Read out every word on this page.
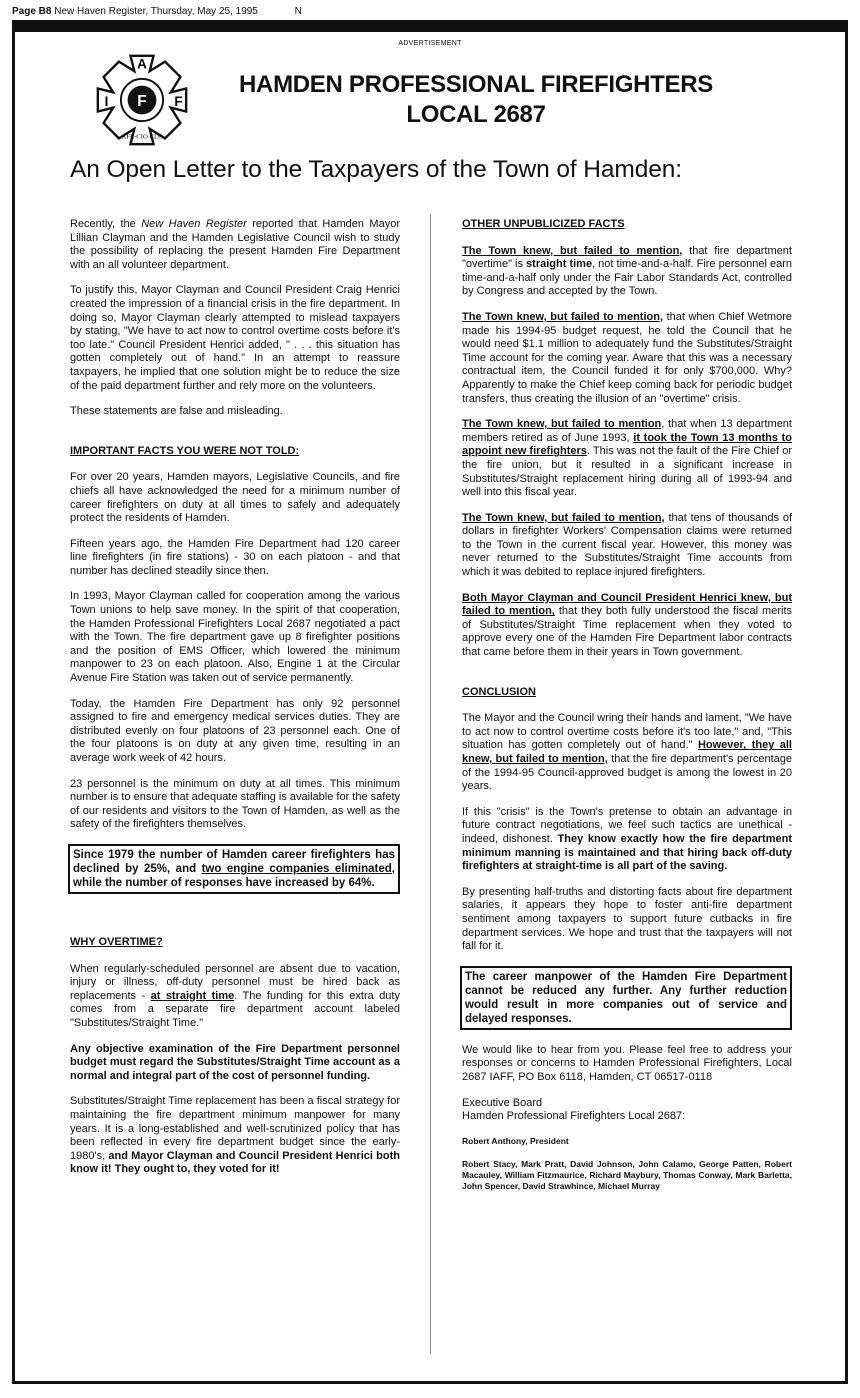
Page B8 New Haven Register, Thursday, May 25, 1995	N
ADVERTISEMENT
A
I	F
F
AFL-CIO CLC
HAMDEN PROFESSIONAL FIREFIGHTERS
LOCAL 2687
An Open Letter to the Taxpayers of the Town of Hamden:

Recently, the New Haven Register reported that Hamden Mayor Lillian Clayman and the Hamden Legislative Council wish to study the possibility of replacing the present Hamden Fire Department with an all volunteer department.

To justify this, Mayor Clayman and Council President Craig Henrici created the impression of a financial crisis in the fire department. In doing so, Mayor Clayman clearly attempted to mislead taxpayers by stating, "We have to act now to control overtime costs before it's too late." Council President Henrici added, " . . . this situation has gotten completely out of hand." In an attempt to reassure taxpayers, he implied that one solution might be to reduce the size of the paid department further and rely more on the volunteers.

These statements are false and misleading.

IMPORTANT FACTS YOU WERE NOT TOLD:

For over 20 years, Hamden mayors, Legislative Councils, and fire chiefs all have acknowledged the need for a minimum number of career firefighters on duty at all times to safely and adequately protect the residents of Hamden.

Fifteen years ago, the Hamden Fire Department had 120 career line firefighters (in fire stations) - 30 on each platoon - and that number has declined steadily since then.

In 1993, Mayor Clayman called for cooperation among the various Town unions to help save money. In the spirit of that cooperation, the Hamden Professional Firefighters Local 2687 negotiated a pact with the Town. The fire department gave up 8 firefighter positions and the position of EMS Officer, which lowered the minimum manpower to 23 on each platoon. Also, Engine 1 at the Circular Avenue Fire Station was taken out of service permanently.

Today, the Hamden Fire Department has only 92 personnel assigned to fire and emergency medical services duties. They are distributed evenly on four platoons of 23 personnel each. One of the four platoons is on duty at any given time, resulting in an average work week of 42 hours.

23 personnel is the minimum on duty at all times. This minimum number is to ensure that adequate staffing is available for the safety of our residents and visitors to the Town of Hamden, as well as the safety of the firefighters themselves.

Since 1979 the number of Hamden career firefighters has declined by 25%, and two engine companies eliminated, while the number of responses have increased by 64%.

WHY OVERTIME?

When regularly-scheduled personnel are absent due to vacation, injury or illness, off-duty personnel must be hired back as replacements - at straight time. The funding for this extra duty comes from a separate fire department account labeled "Substitutes/Straight Time."

Any objective examination of the Fire Department personnel budget must regard the Substitutes/Straight Time account as a normal and integral part of the cost of personnel funding.

Substitutes/Straight Time replacement has been a fiscal strategy for maintaining the fire department minimum manpower for many years. It is a long-established and well-scrutinized policy that has been reflected in every fire department budget since the early-1980's, and Mayor Clayman and Council President Henrici both know it! They ought to, they voted for it!

OTHER UNPUBLICIZED FACTS

The Town knew, but failed to mention, that fire department "overtime" is straight time, not time-and-a-half. Fire personnel earn time-and-a-half only under the Fair Labor Standards Act, controlled by Congress and accepted by the Town.

The Town knew, but failed to mention, that when Chief Wetmore made his 1994-95 budget request, he told the Council that he would need $1.1 million to adequately fund the Substitutes/Straight Time account for the coming year. Aware that this was a necessary contractual item, the Council funded it for only $700,000. Why? Apparently to make the Chief keep coming back for periodic budget transfers, thus creating the illusion of an "overtime" crisis.

The Town knew, but failed to mention, that when 13 department members retired as of June 1993, it took the Town 13 months to appoint new firefighters. This was not the fault of the Fire Chief or the fire union, but it resulted in a significant increase in Substitutes/Straight replacement hiring during all of 1993-94 and well into this fiscal year.

The Town knew, but failed to mention, that tens of thousands of dollars in firefighter Workers' Compensation claims were returned to the Town in the current fiscal year. However, this money was never returned to the Substitutes/Straight Time accounts from which it was debited to replace injured firefighters.

Both Mayor Clayman and Council President Henrici knew, but failed to mention, that they both fully understood the fiscal merits of Substitutes/Straight Time replacement when they voted to approve every one of the Hamden Fire Department labor contracts that came before them in their years in Town government.

CONCLUSION

The Mayor and the Council wring their hands and lament, "We have to act now to control overtime costs before it's too late," and, "This situation has gotten completely out of hand." However, they all knew, but failed to mention, that the fire department's percentage of the 1994-95 Council-approved budget is among the lowest in 20 years.

If this "crisis" is the Town's pretense to obtain an advantage in future contract negotiations, we feel such tactics are unethical - indeed, dishonest. They know exactly how the fire department minimum manning is maintained and that hiring back off-duty firefighters at straight-time is all part of the saving.

By presenting half-truths and distorting facts about fire department salaries, it appears they hope to foster anti-fire department sentiment among taxpayers to support future cutbacks in fire department services. We hope and trust that the taxpayers will not fall for it.

The career manpower of the Hamden Fire Department cannot be reduced any further. Any further reduction would result in more companies out of service and delayed responses.

We would like to hear from you. Please feel free to address your responses or concerns to Hamden Professional Firefighters, Local 2687 IAFF, PO Box 6118, Hamden, CT 06517-0118

Executive Board

Hamden Professional Firefighters Local 2687:

Robert Anthony, President

Robert Stacy, Mark Pratt, David Johnson, John Calamo, George Patten, Robert Macauley, William Fitzmaurice, Richard Maybury, Thomas Conway, Mark Barletta, John Spencer, David Strawhince, Michael Murray
